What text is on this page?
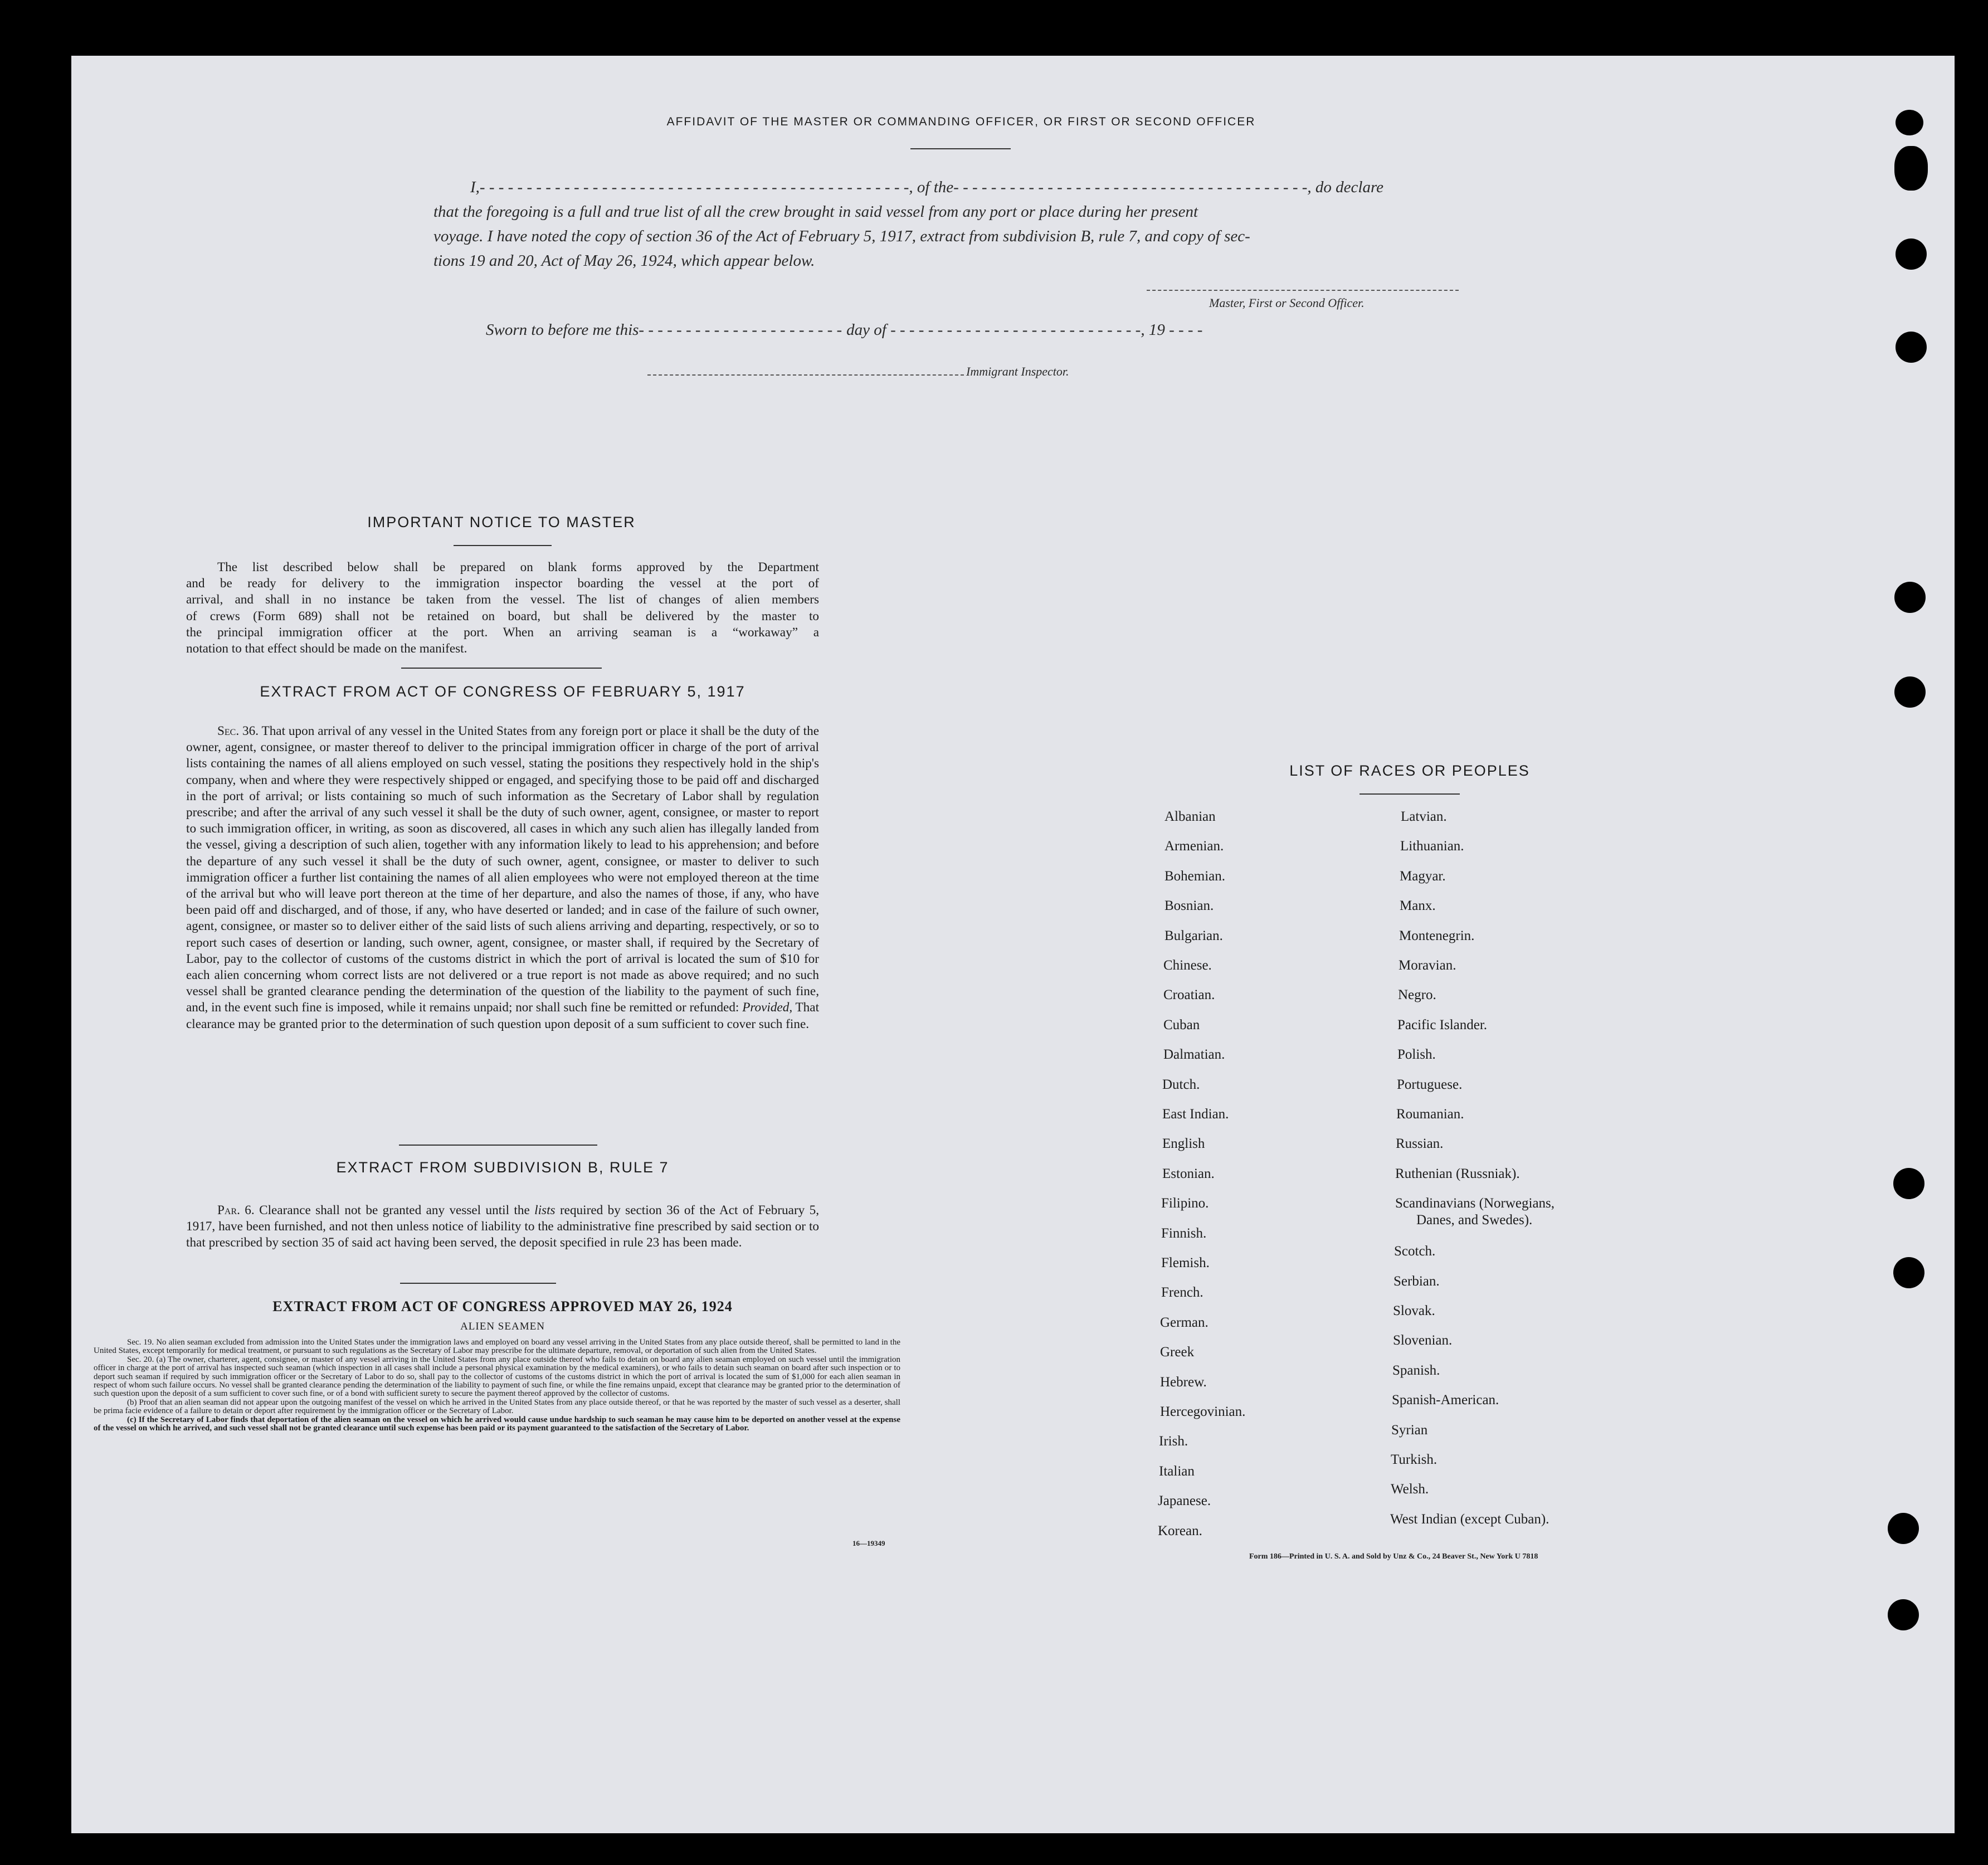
AFFIDAVIT OF THE MASTER OR COMMANDING OFFICER, OR FIRST OR SECOND OFFICER
I,- - - - - - - - - - - - - - - - - - - - - - - - - - - - - - - - - - - - - - - - - - - - - -, of the- - - - - - - - - - - - - - - - - - - - - - - - - - - - - - - - - - - - - -, do declare
that the foregoing is a full and true list of all the crew brought in said vessel from any port or place during her present
voyage. I have noted the copy of section 36 of the Act of February 5, 1917, extract from subdivision B, rule 7, and copy of sec-
tions 19 and 20, Act of May 26, 1924, which appear below.
Master, First or Second Officer.
Sworn to before me this- - - - - - - - - - - - - - - - - - - - - - day of - - - - - - - - - - - - - - - - - - - - - - - - - - -, 19 - - - -
Immigrant Inspector.
IMPORTANT NOTICE TO MASTER
The list described below shall be prepared on blank forms approved by the Department
and be ready for delivery to the immigration inspector boarding the vessel at the port of
arrival, and shall in no instance be taken from the vessel. The list of changes of alien members
of crews (Form 689) shall not be retained on board, but shall be delivered by the master to
the principal immigration officer at the port. When an arriving seaman is a “workaway” a
notation to that effect should be made on the manifest.
EXTRACT FROM ACT OF CONGRESS OF FEBRUARY 5, 1917

Sec. 36. That upon arrival of any vessel in the United States from any foreign port or place it shall be the duty of the owner, agent, consignee, or master thereof to deliver to the principal immigration officer in charge of the port of arrival lists containing the names of all aliens employed on such vessel, stating the positions they respectively hold in the ship's company, when and where they were respectively shipped or engaged, and specifying those to be paid off and discharged in the port of arrival; or lists containing so much of such information as the Secretary of Labor shall by regulation prescribe; and after the arrival of any such vessel it shall be the duty of such owner, agent, consignee, or master to report to such immigration officer, in writing, as soon as discovered, all cases in which any such alien has illegally landed from the vessel, giving a description of such alien, together with any information likely to lead to his apprehension; and before the departure of any such vessel it shall be the duty of such owner, agent, consignee, or master to deliver to such immigration officer a further list containing the names of all alien employees who were not employed thereon at the time of the arrival but who will leave port thereon at the time of her departure, and also the names of those, if any, who have been paid off and discharged, and of those, if any, who have deserted or landed; and in case of the failure of such owner, agent, consignee, or master so to deliver either of the said lists of such aliens arriving and departing, respectively, or so to report such cases of desertion or landing, such owner, agent, consignee, or master shall, if required by the Secretary of Labor, pay to the collector of customs of the customs district in which the port of arrival is located the sum of $10 for each alien concerning whom correct lists are not delivered or a true report is not made as above required; and no such vessel shall be granted clearance pending the determination of the question of the liability to the payment of such fine, and, in the event such fine is imposed, while it remains unpaid; nor shall such fine be remitted or refunded: Provided, That clearance may be granted prior to the determination of such question upon deposit of a sum sufficient to cover such fine.

EXTRACT FROM SUBDIVISION B, RULE 7

Par. 6. Clearance shall not be granted any vessel until the lists required by section 36 of the Act of February 5, 1917, have been furnished, and not then unless notice of liability to the administrative fine prescribed by said section or to that prescribed by section 35 of said act having been served, the deposit specified in rule 23 has been made.

EXTRACT FROM ACT OF CONGRESS APPROVED MAY 26, 1924
ALIEN SEAMEN

Sec. 19. No alien seaman excluded from admission into the United States under the immigration laws and employed on board any vessel arriving in the United States from any place outside thereof, shall be permitted to land in the United States, except temporarily for medical treatment, or pursuant to such regulations as the Secretary of Labor may prescribe for the ultimate departure, removal, or deportation of such alien from the United States.

Sec. 20. (a) The owner, charterer, agent, consignee, or master of any vessel arriving in the United States from any place outside thereof who fails to detain on board any alien seaman employed on such vessel until the immigration officer in charge at the port of arrival has inspected such seaman (which inspection in all cases shall include a personal physical examination by the medical examiners), or who fails to detain such seaman on board after such inspection or to deport such seaman if required by such immigration officer or the Secretary of Labor to do so, shall pay to the collector of customs of the customs district in which the port of arrival is located the sum of $1,000 for each alien seaman in respect of whom such failure occurs. No vessel shall be granted clearance pending the determination of the liability to payment of such fine, or while the fine remains unpaid, except that clearance may be granted prior to the determination of such question upon the deposit of a sum sufficient to cover such fine, or of a bond with sufficient surety to secure the payment thereof approved by the collector of customs.

(b) Proof that an alien seaman did not appear upon the outgoing manifest of the vessel on which he arrived in the United States from any place outside thereof, or that he was reported by the master of such vessel as a deserter, shall be prima facie evidence of a failure to detain or deport after requirement by the immigration officer or the Secretary of Labor.

(c) If the Secretary of Labor finds that deportation of the alien seaman on the vessel on which he arrived would cause undue hardship to such seaman he may cause him to be deported on another vessel at the expense of the vessel on which he arrived, and such vessel shall not be granted clearance until such expense has been paid or its payment guaranteed to the satisfaction of the Secretary of Labor.

16—19349
LIST OF RACES OR PEOPLES
Albanian
Armenian.
Bohemian.
Bosnian.
Bulgarian.
Chinese.
Croatian.
Cuban
Dalmatian.
Dutch.
East Indian.
English
Estonian.
Filipino.
Finnish.
Flemish.
French.
German.
Greek
Hebrew.
Hercegovinian.
Irish.
Italian
Japanese.
Korean.
Latvian.
Lithuanian.
Magyar.
Manx.
Montenegrin.
Moravian.
Negro.
Pacific Islander.
Polish.
Portuguese.
Roumanian.
Russian.
Ruthenian (Russniak).
Scandinavians (Norwegians,
Danes, and Swedes).
Scotch.
Serbian.
Slovak.
Slovenian.
Spanish.
Spanish-American.
Syrian
Turkish.
Welsh.
West Indian (except Cuban).
Form 186—Printed in U. S. A. and Sold by Unz & Co., 24 Beaver St., New York U 7818
